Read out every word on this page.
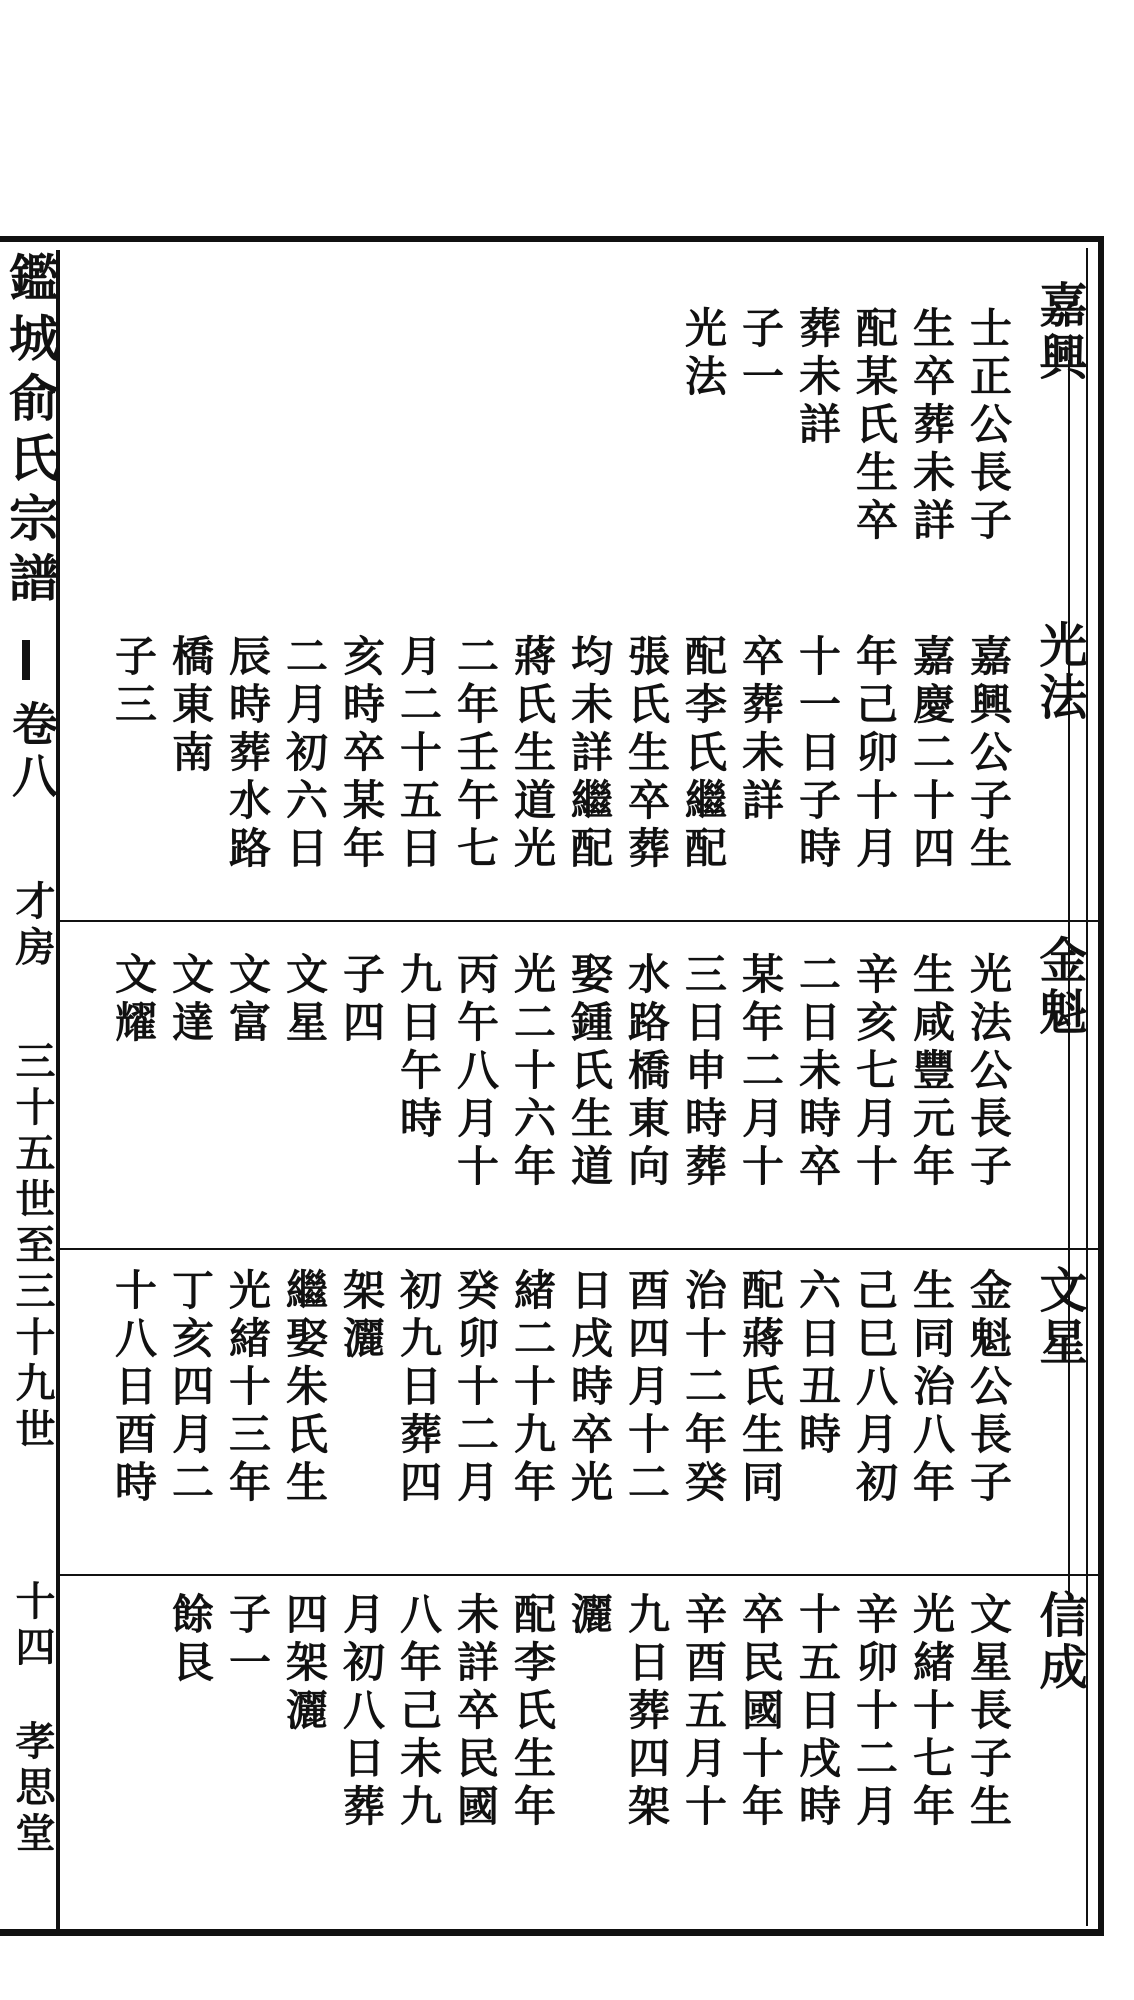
鑑城俞氏宗譜
卷八
才房
三十五世至三十九世
十四
孝思堂
嘉興
光法
金魁
文星
信成
士正公長子
生卒葬未詳
配某氏生卒
葬未詳
子一
光法
嘉興公子生
嘉慶二十四
年己卯十月
十一日子時
卒葬未詳
配李氏繼配
張氏生卒葬
均未詳繼配
蔣氏生道光
二年壬午七
月二十五日
亥時卒某年
二月初六日
辰時葬水路
橋東南
子三
光法公長子
生咸豐元年
辛亥七月十
二日未時卒
某年二月十
三日申時葬
水路橋東向
娶鍾氏生道
光二十六年
丙午八月十
九日午時
子四
文星
文富
文達
文耀
金魁公長子
生同治八年
己巳八月初
六日丑時
配蔣氏生同
治十二年癸
酉四月十二
日戌時卒光
緒二十九年
癸卯十二月
初九日葬四
架灑
繼娶朱氏生
光緒十三年
丁亥四月二
十八日酉時
文星長子生
光緒十七年
辛卯十二月
十五日戌時
卒民國十年
辛酉五月十
九日葬四架
灑
配李氏生年
未詳卒民國
八年己未九
月初八日葬
四架灑
子一
餘艮
